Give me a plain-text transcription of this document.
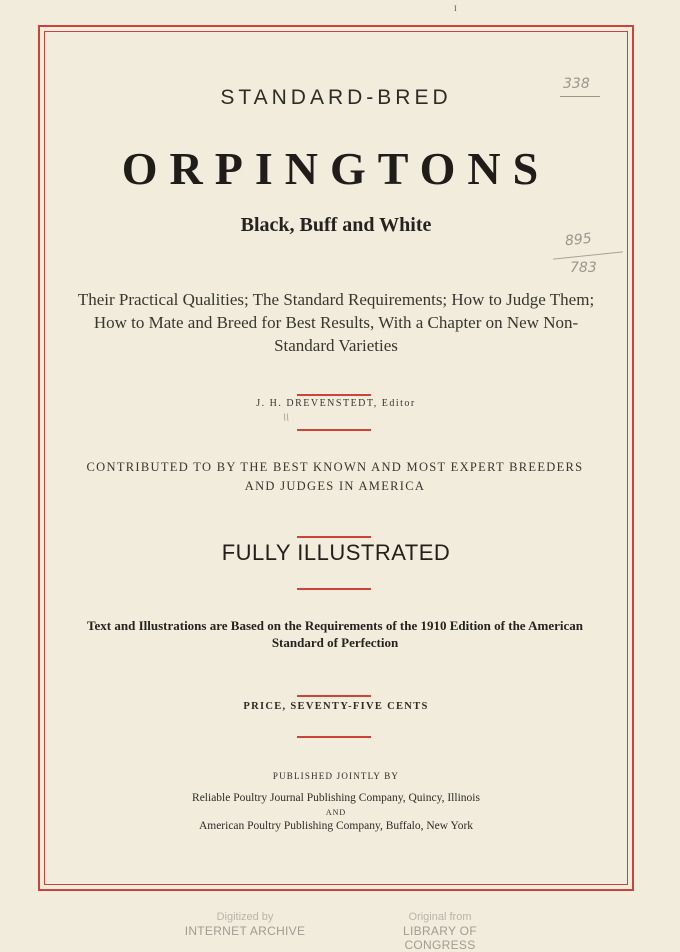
I
338
895
783
STANDARD-BRED
ORPINGTONS
Black, Buff and White
Their Practical Qualities; The Standard Requirements; How to Judge Them; How to Mate and Breed for Best Results, With a Chapter on New Non-Standard Varieties
J. H. DREVENSTEDT, Editor
\\
CONTRIBUTED TO BY THE BEST KNOWN AND MOST EXPERT BREEDERS AND JUDGES IN AMERICA
FULLY ILLUSTRATED
Text and Illustrations are Based on the Requirements of the 1910 Edition of the American Standard of Perfection
PRICE, SEVENTY-FIVE CENTS
PUBLISHED JOINTLY BY
Reliable Poultry Journal Publishing Company, Quincy, Illinois
AND
American Poultry Publishing Company, Buffalo, New York
Digitized by
INTERNET ARCHIVE
Original from
LIBRARY OF CONGRESS
